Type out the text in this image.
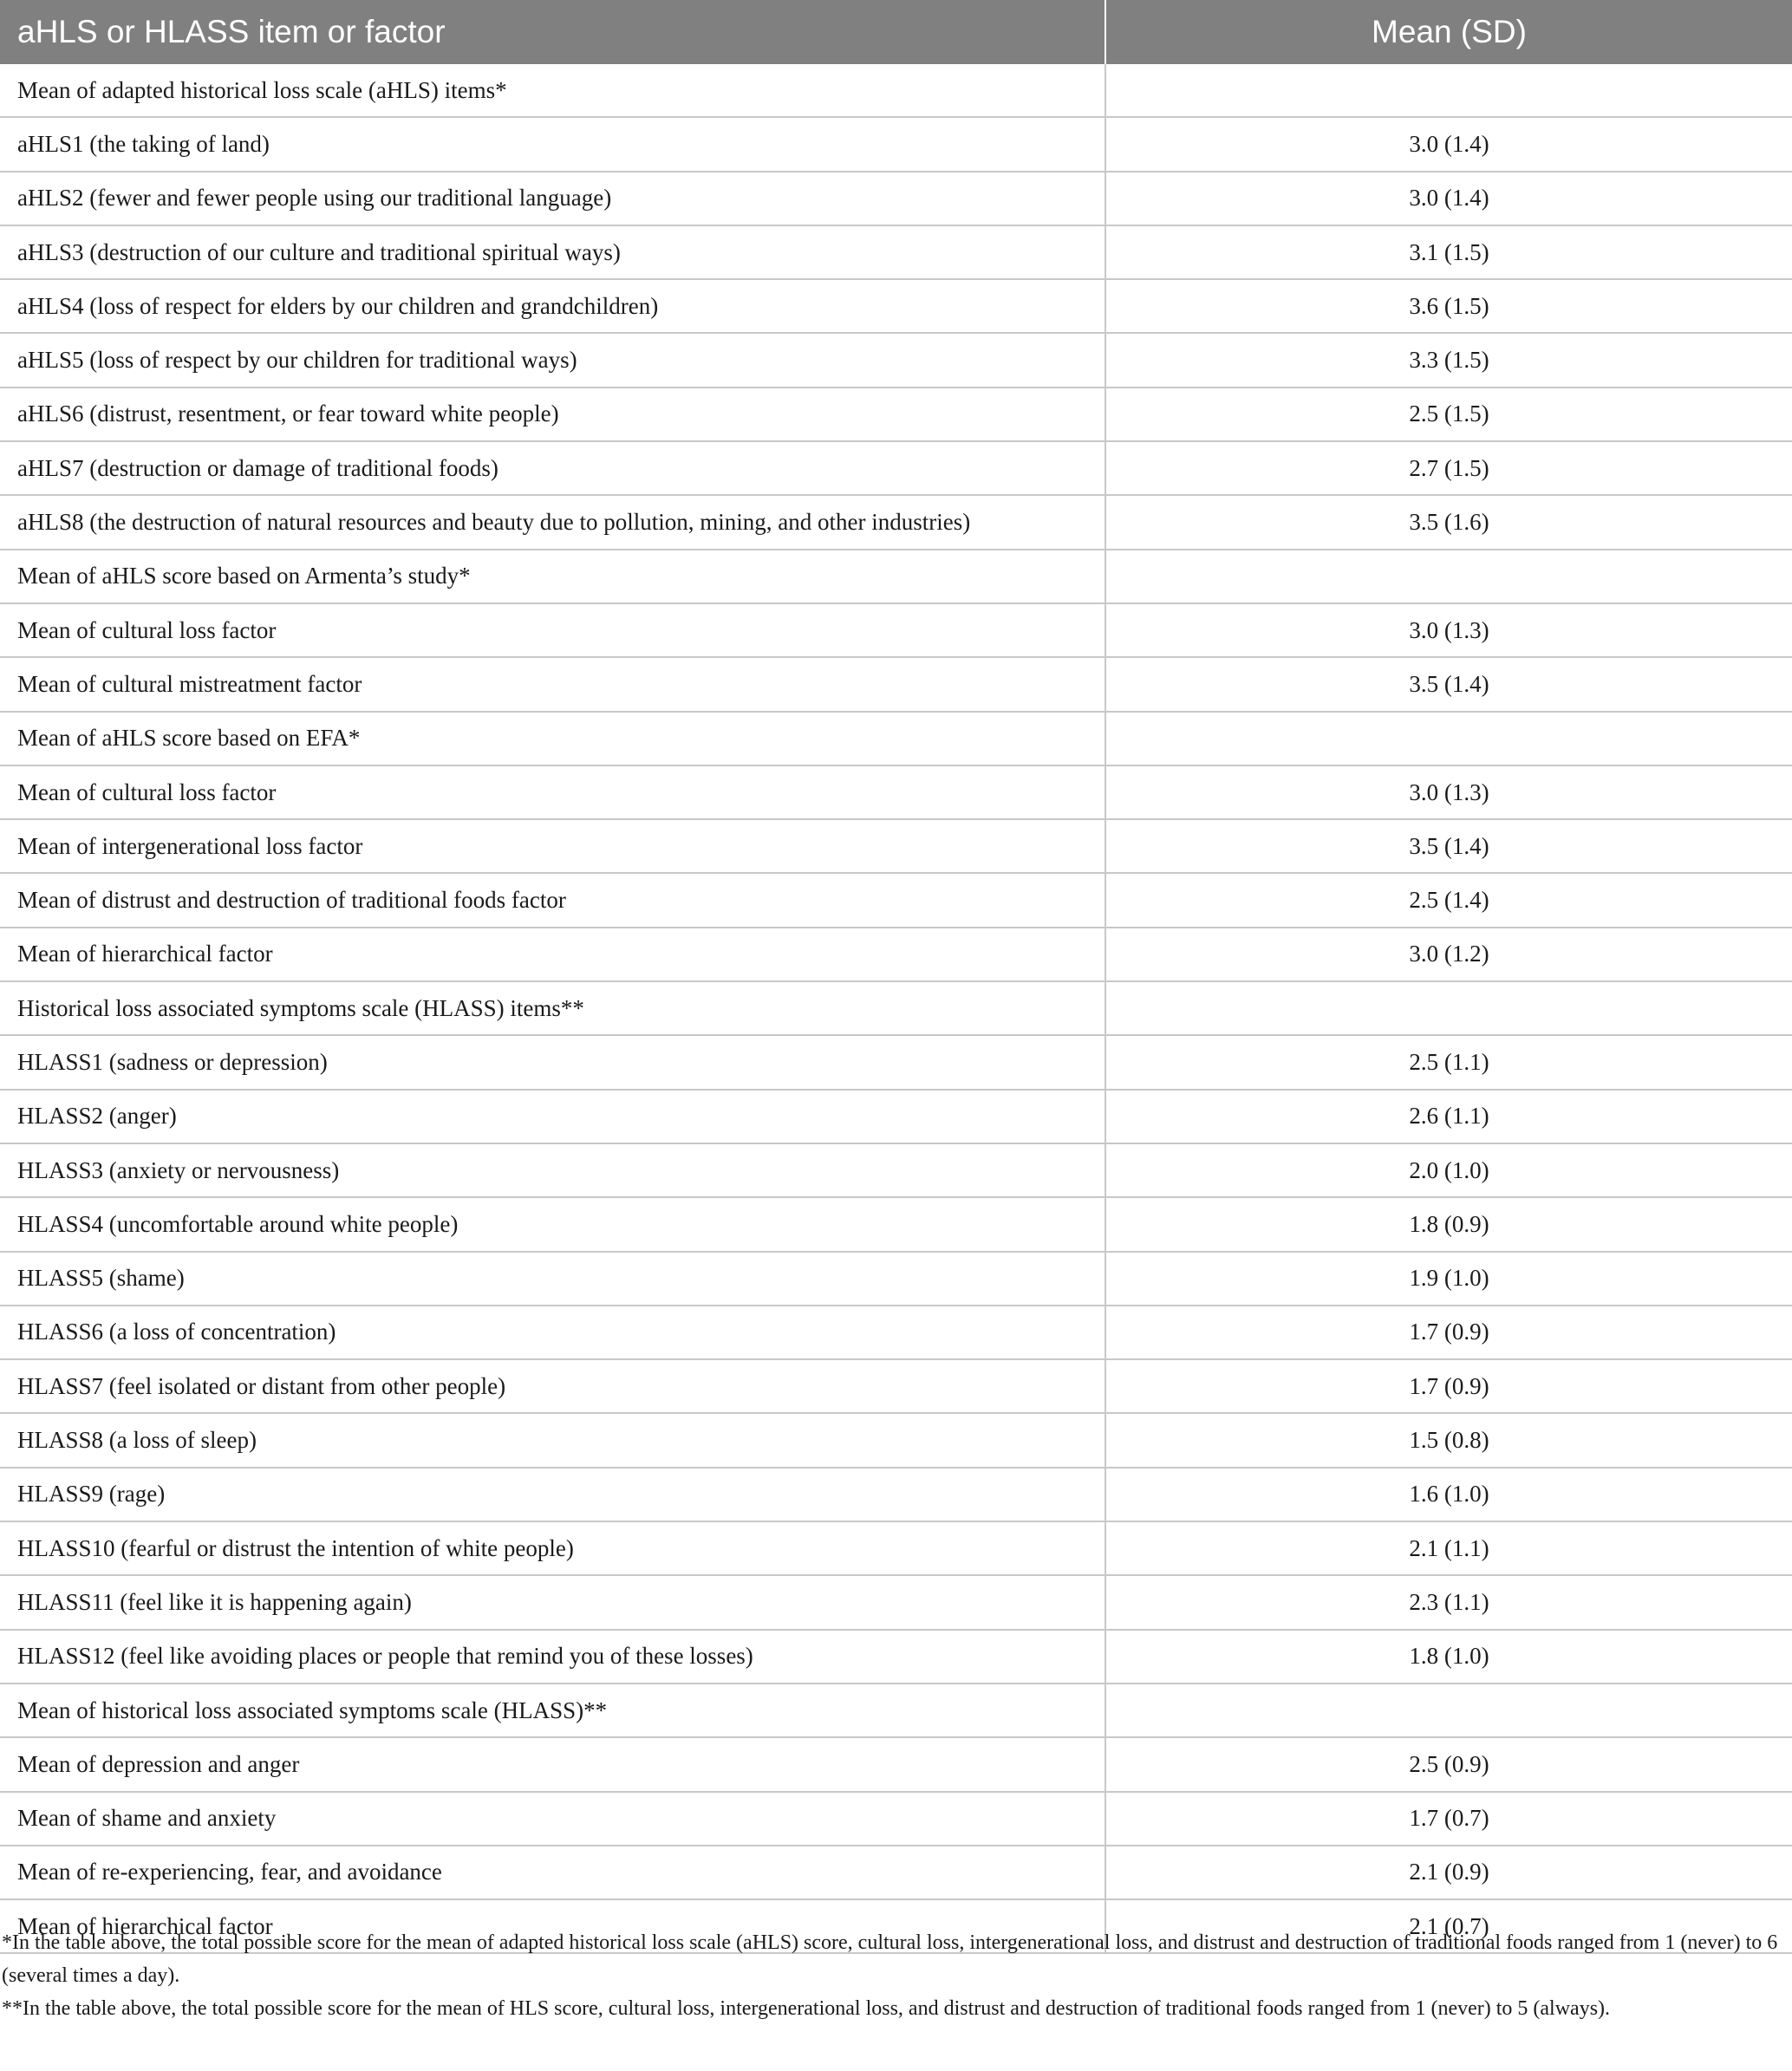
aHLS or HLASS item or factor	Mean (SD)
Mean of adapted historical loss scale (aHLS) items*	
aHLS1 (the taking of land)	3.0 (1.4)
aHLS2 (fewer and fewer people using our traditional language)	3.0 (1.4)
aHLS3 (destruction of our culture and traditional spiritual ways)	3.1 (1.5)
aHLS4 (loss of respect for elders by our children and grandchildren)	3.6 (1.5)
aHLS5 (loss of respect by our children for traditional ways)	3.3 (1.5)
aHLS6 (distrust, resentment, or fear toward white people)	2.5 (1.5)
aHLS7 (destruction or damage of traditional foods)	2.7 (1.5)
aHLS8 (the destruction of natural resources and beauty due to pollution, mining, and other industries)	3.5 (1.6)
Mean of aHLS score based on Armenta’s study*	
Mean of cultural loss factor	3.0 (1.3)
Mean of cultural mistreatment factor	3.5 (1.4)
Mean of aHLS score based on EFA*	
Mean of cultural loss factor	3.0 (1.3)
Mean of intergenerational loss factor	3.5 (1.4)
Mean of distrust and destruction of traditional foods factor	2.5 (1.4)
Mean of hierarchical factor	3.0 (1.2)
Historical loss associated symptoms scale (HLASS) items**	
HLASS1 (sadness or depression)	2.5 (1.1)
HLASS2 (anger)	2.6 (1.1)
HLASS3 (anxiety or nervousness)	2.0 (1.0)
HLASS4 (uncomfortable around white people)	1.8 (0.9)
HLASS5 (shame)	1.9 (1.0)
HLASS6 (a loss of concentration)	1.7 (0.9)
HLASS7 (feel isolated or distant from other people)	1.7 (0.9)
HLASS8 (a loss of sleep)	1.5 (0.8)
HLASS9 (rage)	1.6 (1.0)
HLASS10 (fearful or distrust the intention of white people)	2.1 (1.1)
HLASS11 (feel like it is happening again)	2.3 (1.1)
HLASS12 (feel like avoiding places or people that remind you of these losses)	1.8 (1.0)
Mean of historical loss associated symptoms scale (HLASS)**	
Mean of depression and anger	2.5 (0.9)
Mean of shame and anxiety	1.7 (0.7)
Mean of re-experiencing, fear, and avoidance	2.1 (0.9)
Mean of hierarchical factor	2.1 (0.7)

*In the table above, the total possible score for the mean of adapted historical loss scale (aHLS) score, cultural loss, intergenerational loss, and distrust and destruction of traditional foods ranged from 1 (never) to 6 (several times a day).

**In the table above, the total possible score for the mean of HLS score, cultural loss, intergenerational loss, and distrust and destruction of traditional foods ranged from 1 (never) to 5 (always).
